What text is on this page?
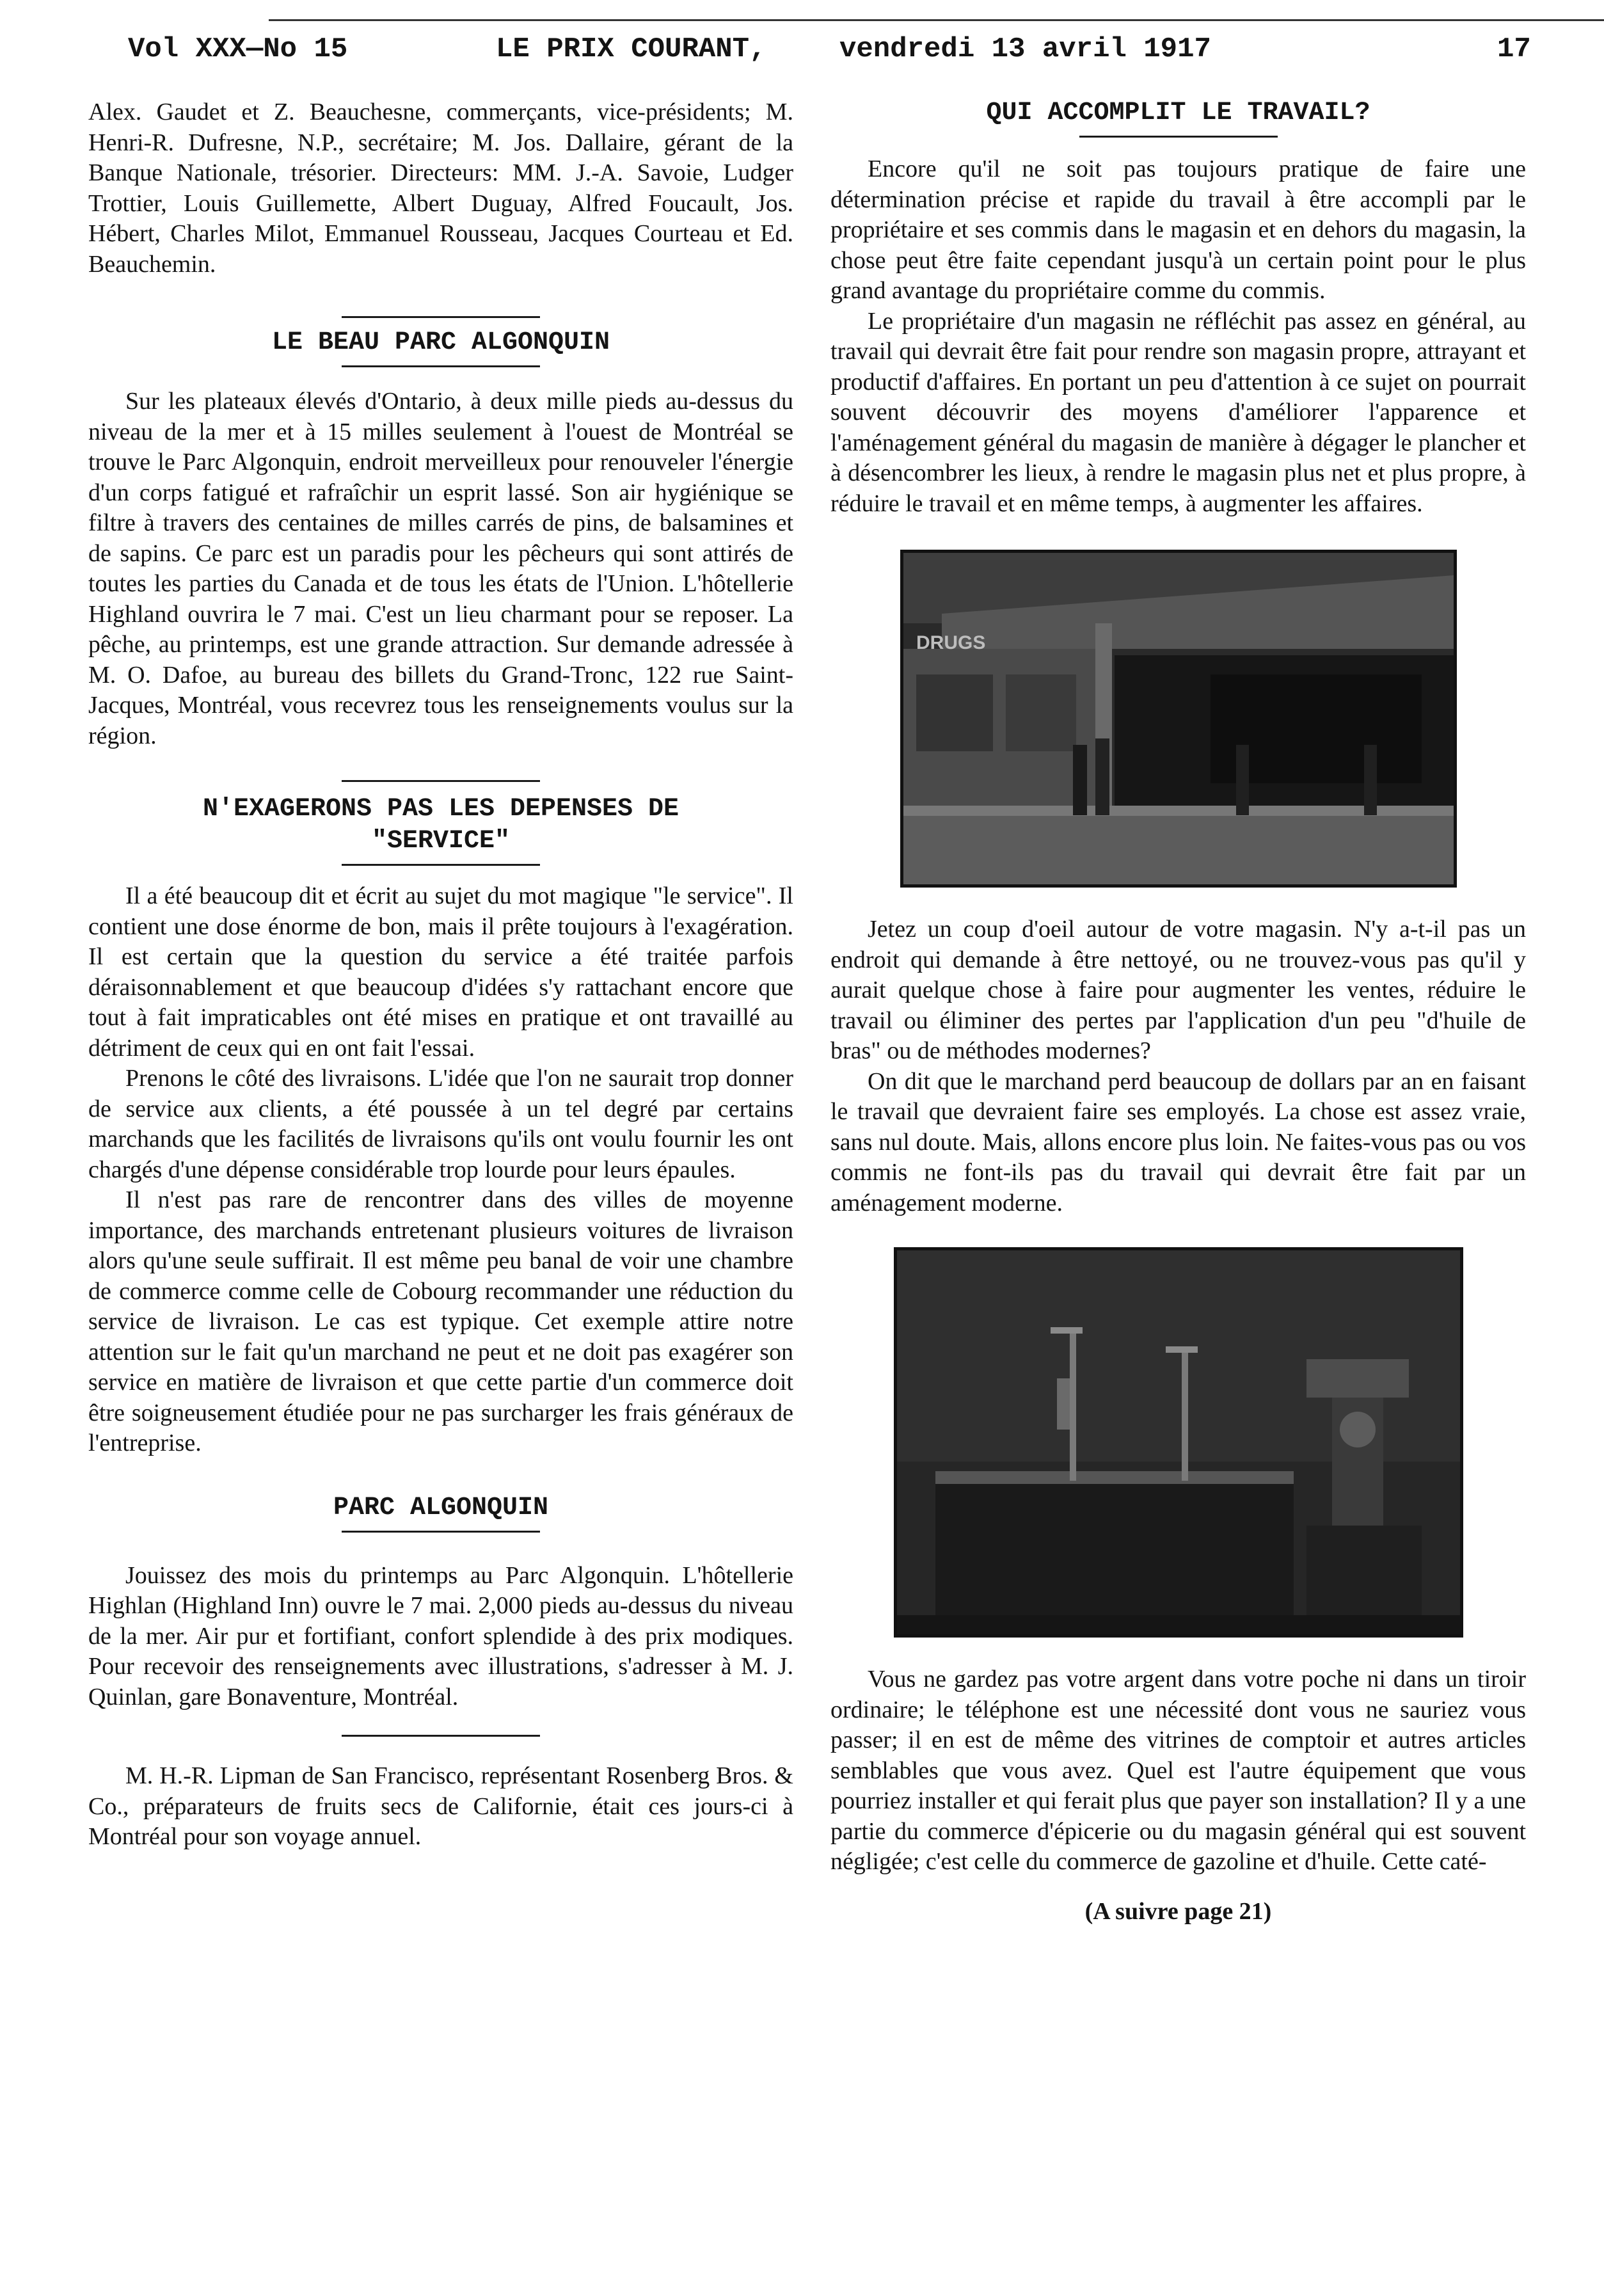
Vol XXX—No 15	LE PRIX COURANT,	vendredi 13 avril 1917	17

Alex. Gaudet et Z. Beauchesne, commerçants, vice-présidents; M. Henri-R. Dufresne, N.P., secrétaire; M. Jos. Dallaire, gérant de la Banque Nationale, trésorier. Directeurs: MM. J.-A. Savoie, Ludger Trottier, Louis Guillemette, Albert Duguay, Alfred Foucault, Jos. Hébert, Charles Milot, Emmanuel Rousseau, Jacques Courteau et Ed. Beauchemin.

LE BEAU PARC ALGONQUIN

Sur les plateaux élevés d'Ontario, à deux mille pieds au-dessus du niveau de la mer et à 15 milles seulement à l'ouest de Montréal se trouve le Parc Algonquin, endroit merveilleux pour renouveler l'énergie d'un corps fatigué et rafraîchir un esprit lassé. Son air hygiénique se filtre à travers des centaines de milles carrés de pins, de balsamines et de sapins. Ce parc est un paradis pour les pêcheurs qui sont attirés de toutes les parties du Canada et de tous les états de l'Union. L'hôtellerie Highland ouvrira le 7 mai. C'est un lieu charmant pour se reposer. La pêche, au printemps, est une grande attraction. Sur demande adressée à M. O. Dafoe, au bureau des billets du Grand-Tronc, 122 rue Saint-Jacques, Montréal, vous recevrez tous les renseignements voulus sur la région.

N'EXAGERONS PAS LES DEPENSES DE
"SERVICE"

Il a été beaucoup dit et écrit au sujet du mot magique "le service". Il contient une dose énorme de bon, mais il prête toujours à l'exagération. Il est certain que la question du service a été traitée parfois déraisonnablement et que beaucoup d'idées s'y rattachant encore que tout à fait impraticables ont été mises en pratique et ont travaillé au détriment de ceux qui en ont fait l'essai.

Prenons le côté des livraisons. L'idée que l'on ne saurait trop donner de service aux clients, a été poussée à un tel degré par certains marchands que les facilités de livraisons qu'ils ont voulu fournir les ont chargés d'une dépense considérable trop lourde pour leurs épaules.

Il n'est pas rare de rencontrer dans des villes de moyenne importance, des marchands entretenant plusieurs voitures de livraison alors qu'une seule suffirait. Il est même peu banal de voir une chambre de commerce comme celle de Cobourg recommander une réduction du service de livraison. Le cas est typique. Cet exemple attire notre attention sur le fait qu'un marchand ne peut et ne doit pas exagérer son service en matière de livraison et que cette partie d'un commerce doit être soigneusement étudiée pour ne pas surcharger les frais généraux de l'entreprise.

PARC ALGONQUIN

Jouissez des mois du printemps au Parc Algonquin. L'hôtellerie Highlan (Highland Inn) ouvre le 7 mai. 2,000 pieds au-dessus du niveau de la mer. Air pur et fortifiant, confort splendide à des prix modiques. Pour recevoir des renseignements avec illustrations, s'adresser à M. J. Quinlan, gare Bonaventure, Montréal.

M. H.-R. Lipman de San Francisco, représentant Rosenberg Bros. & Co., préparateurs de fruits secs de Californie, était ces jours-ci à Montréal pour son voyage annuel.

QUI ACCOMPLIT LE TRAVAIL?

Encore qu'il ne soit pas toujours pratique de faire une détermination précise et rapide du travail à être accompli par le propriétaire et ses commis dans le magasin et en dehors du magasin, la chose peut être faite cependant jusqu'à un certain point pour le plus grand avantage du propriétaire comme du commis.

Le propriétaire d'un magasin ne réfléchit pas assez en général, au travail qui devrait être fait pour rendre son magasin propre, attrayant et productif d'affaires. En portant un peu d'attention à ce sujet on pourrait souvent découvrir des moyens d'améliorer l'apparence et l'aménagement général du magasin de manière à dégager le plancher et à désencombrer les lieux, à rendre le magasin plus net et plus propre, à réduire le travail et en même temps, à augmenter les affaires.

DRUGS

Jetez un coup d'oeil autour de votre magasin. N'y a-t-il pas un endroit qui demande à être nettoyé, ou ne trouvez-vous pas qu'il y aurait quelque chose à faire pour augmenter les ventes, réduire le travail ou éliminer des pertes par l'application d'un peu "d'huile de bras" ou de méthodes modernes?

On dit que le marchand perd beaucoup de dollars par an en faisant le travail que devraient faire ses employés. La chose est assez vraie, sans nul doute. Mais, allons encore plus loin. Ne faites-vous pas ou vos commis ne font-ils pas du travail qui devrait être fait par un aménagement moderne.

Vous ne gardez pas votre argent dans votre poche ni dans un tiroir ordinaire; le téléphone est une nécessité dont vous ne sauriez vous passer; il en est de même des vitrines de comptoir et autres articles semblables que vous avez. Quel est l'autre équipement que vous pourriez installer et qui ferait plus que payer son installation? Il y a une partie du commerce d'épicerie ou du magasin général qui est souvent négligée; c'est celle du commerce de gazoline et d'huile. Cette caté-

(A suivre page 21)
